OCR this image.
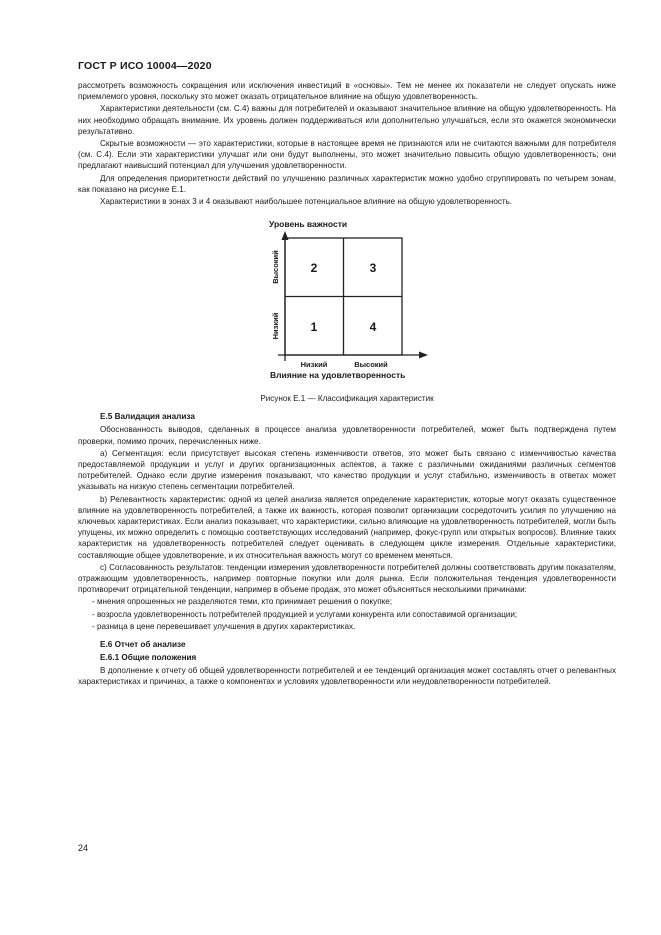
ГОСТ Р ИСО 10004—2020

рассмотреть возможность сокращения или исключения инвестиций в «основы». Тем не менее их показатели не следует опускать ниже приемлемого уровня, поскольку это может оказать отрицательное влияние на общую удовлетворенность.

Характеристики деятельности (см. С.4) важны для потребителей и оказывают значительное влияние на общую удовлетворенность. На них необходимо обращать внимание. Их уровень должен поддерживаться или дополнительно улучшаться, если это окажется экономически результативно.

Скрытые возможности — это характеристики, которые в настоящее время не признаются или не считаются важными для потребителя (см. С.4). Если эти характеристики улучшат или они будут выполнены, это может значительно повысить общую удовлетворенность; они предлагают наивысший потенциал для улучшения удовлетворенности.

Для определения приоритетности действий по улучшению различных характеристик можно удобно сгруппировать по четырем зонам, как показано на рисунке Е.1.

Характеристики в зонах 3 и 4 оказывают наибольшее потенциальное влияние на общую удовлетворенность.

Уровень важности
2	3
1	4
Высокий
Низкий
Низкий	Высокий
Влияние на удовлетворенность
Рисунок Е.1 — Классификация характеристик
Е.5 Валидация анализа

Обоснованность выводов, сделанных в процессе анализа удовлетворенности потребителей, может быть подтверждена путем проверки, помимо прочих, перечисленных ниже.

a) Сегментация: если присутствует высокая степень изменчивости ответов, это может быть связано с изменчивостью качества предоставляемой продукции и услуг и других организационных аспектов, а также с различными ожиданиями различных сегментов потребителей. Однако если другие измерения показывают, что качество продукции и услуг стабильно, изменчивость в ответах может указывать на низкую степень сегментации потребителей.

b) Релевантность характеристик: одной из целей анализа является определение характеристик, которые могут оказать существенное влияние на удовлетворенность потребителей, а также их важность, которая позволит организации сосредоточить усилия по улучшению на ключевых характеристиках. Если анализ показывает, что характеристики, сильно влияющие на удовлетворенность потребителей, могли быть упущены, их можно определить с помощью соответствующих исследований (например, фокус-групп или открытых вопросов). Влияние таких характеристик на удовлетворенность потребителей следует оценивать в следующем цикле измерения. Отдельные характеристики, составляющие общее удовлетворение, и их относительная важность могут со временем меняться.

c) Согласованность результатов: тенденции измерения удовлетворенности потребителей должны соответствовать другим показателям, отражающим удовлетворенность, например повторные покупки или доля рынка. Если положительная тенденция удовлетворенности противоречит отрицательной тенденции, например в объеме продаж, это может объясняться несколькими причинами:

- мнения опрошенных не разделяются теми, кто принимает решения о покупке;

- возросла удовлетворенность потребителей продукцией и услугами конкурента или сопоставимой организации;

- разница в цене перевешивает улучшения в других характеристиках.

Е.6 Отчет об анализе
Е.6.1 Общие положения

В дополнение к отчету об общей удовлетворенности потребителей и ее тенденций организация может составлять отчет о релевантных характеристиках и причинах, а также о компонентах и условиях удовлетворенности или неудовлетворенности потребителей.

24
